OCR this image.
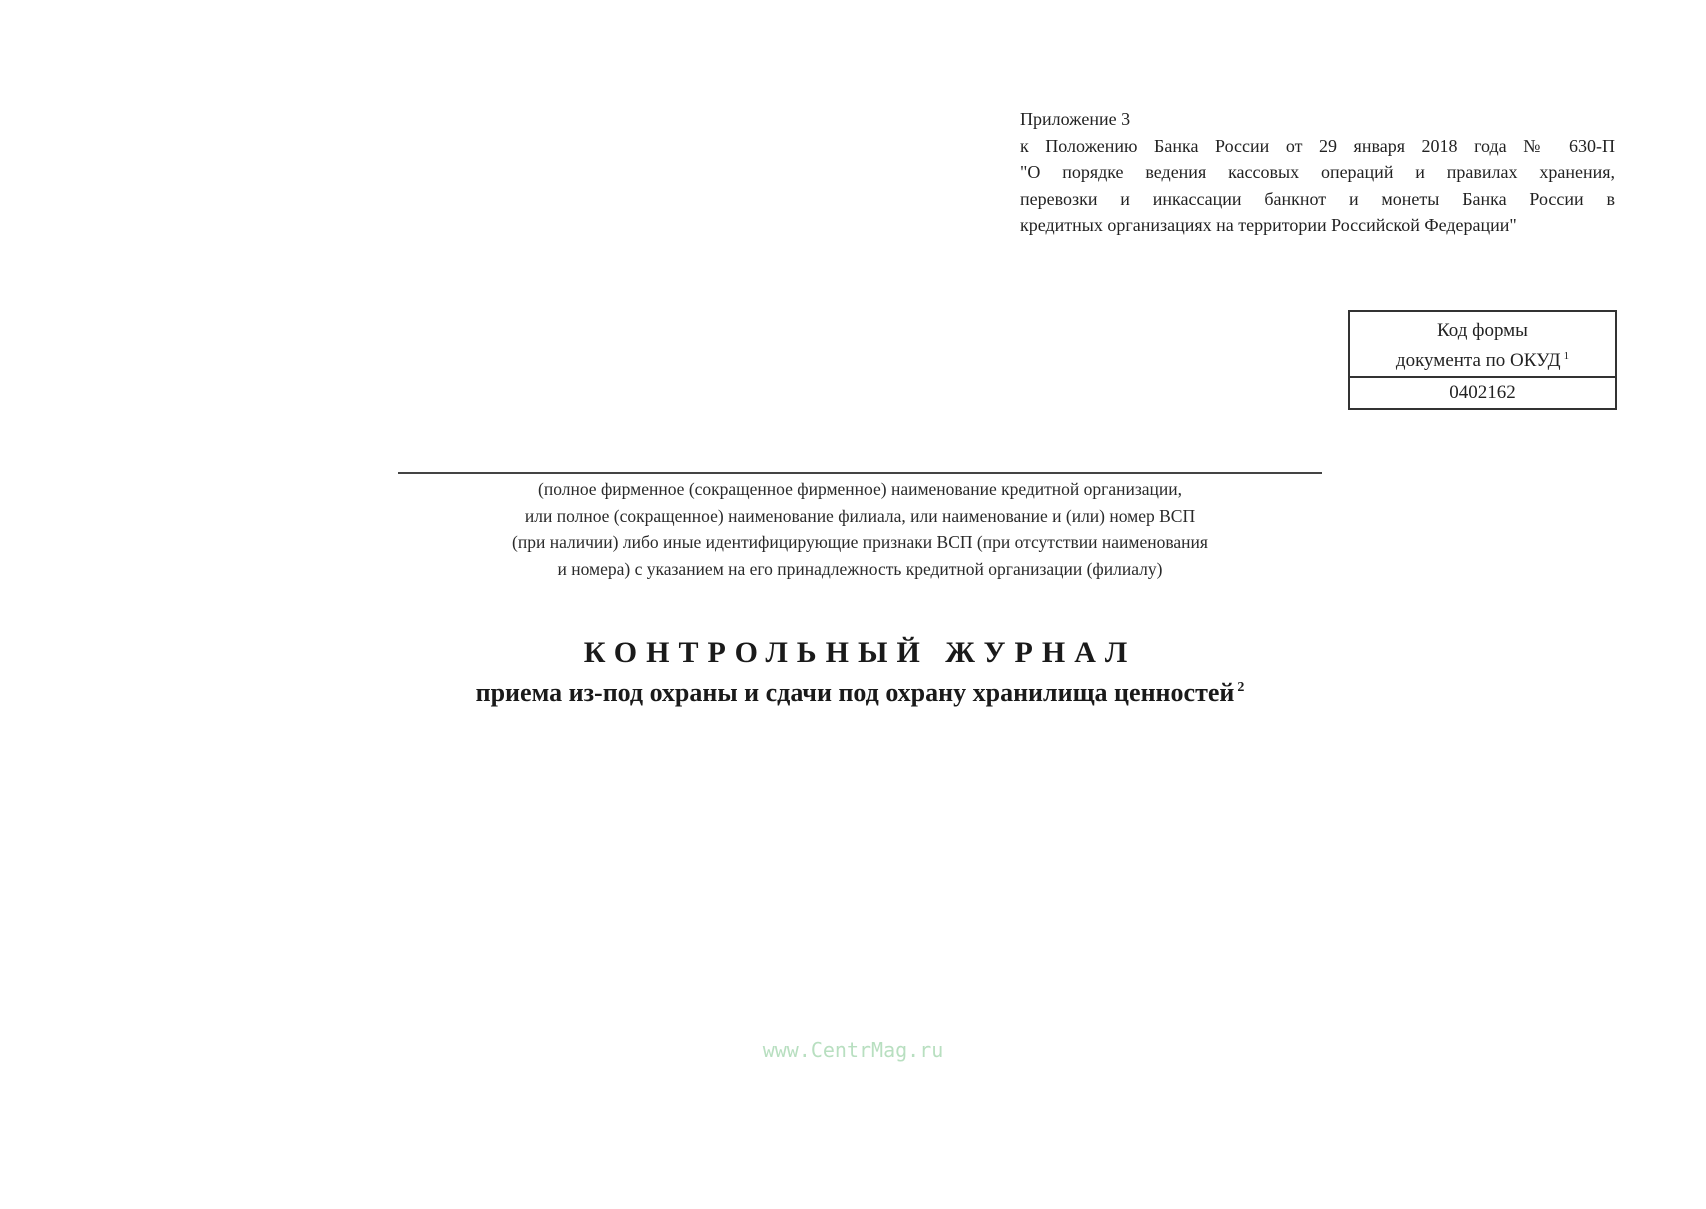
Приложение 3
к Положению Банка России от 29 января 2018 года № 630-П
"О порядке ведения кассовых операций и правилах хранения,
перевозки и инкассации банкнот и монеты Банка России в
кредитных организациях на территории Российской Федерации"
Код формы
документа по ОКУД $^1$
0402162
(полное фирменное (сокращенное фирменное) наименование кредитной организации,
или полное (сокращенное) наименование филиала, или наименование и (или) номер ВСП
(при наличии) либо иные идентифицирующие признаки ВСП (при отсутствии наименования
и номера) с указанием на его принадлежность кредитной организации (филиалу)
КОНТРОЛЬНЫЙ ЖУРНАЛ
приема из-под охраны и сдачи под охрану хранилища ценностей $^2$
www.CentrMag.ru
